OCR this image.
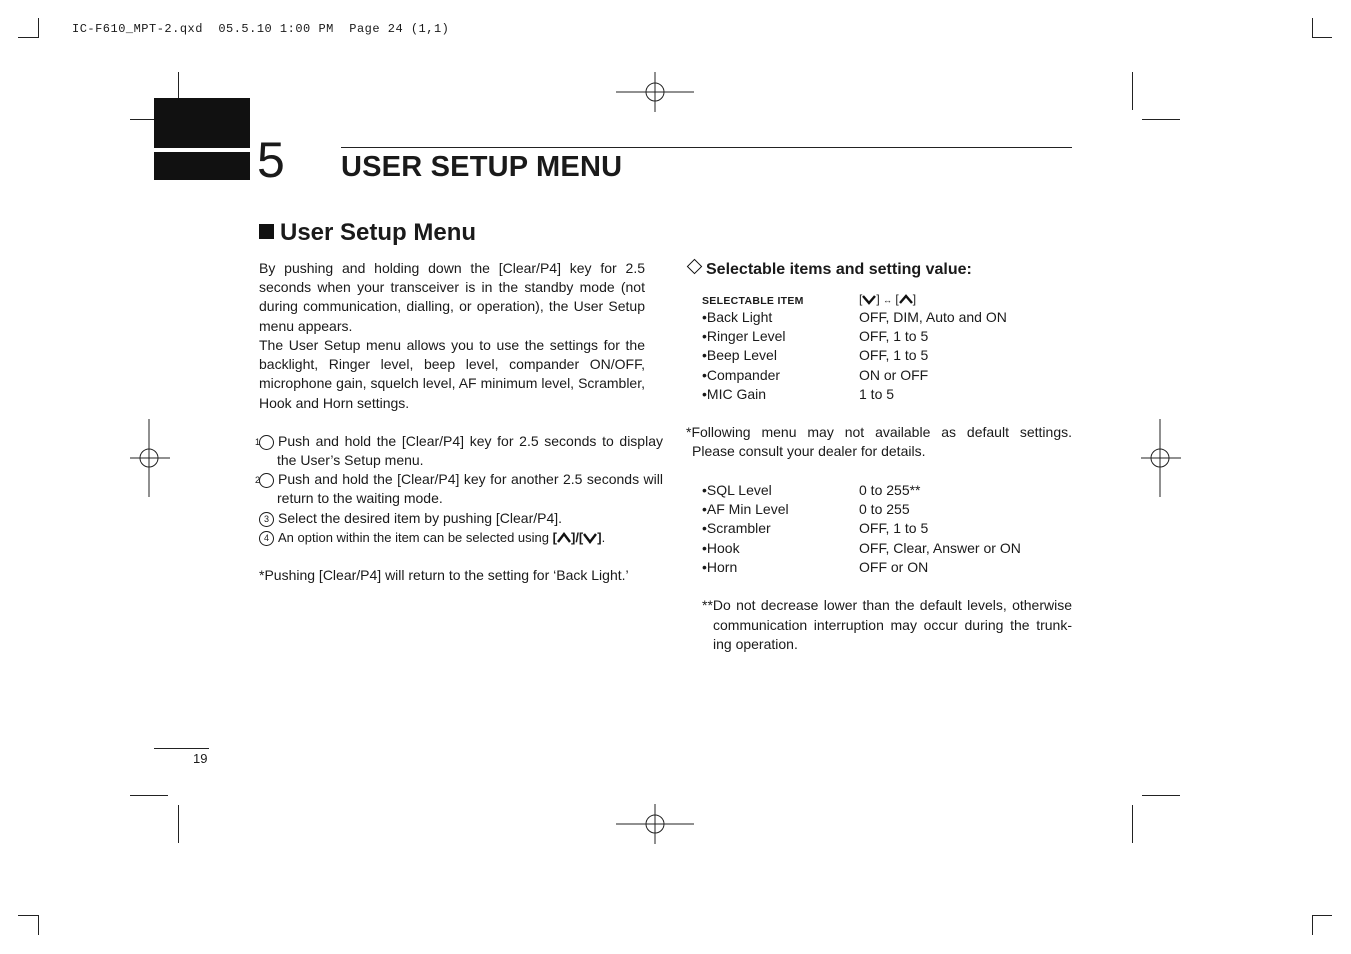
IC-F610_MPT-2.qxd  05.5.10 1:00 PM  Page 24 (1,1)
5 USER SETUP MENU
User Setup Menu
By pushing and holding down the [Clear/P4] key for 2.5 seconds when your transceiver is in the standby mode (not during communication, dialling, or operation), the User Setup menu appears.
The User Setup menu allows you to use the settings for the backlight, Ringer level, beep level, compander ON/OFF, microphone gain, squelch level, AF minimum level, Scrambler, Hook and Horn settings.
1 Push and hold the [Clear/P4] key for 2.5 seconds to display the User’s Setup menu.
2 Push and hold the [Clear/P4] key for another 2.5 seconds will return to the waiting mode.
3 Select the desired item by pushing [Clear/P4].
4 An option within the item can be selected using [ ]/[ ].
*Pushing [Clear/P4] will return to the setting for ‘Back Light.’
Selectable items and setting value:
SELECTABLE ITEM	[ ] ↔ [ ]
•Back Light	OFF, DIM, Auto and ON
•Ringer Level	OFF, 1 to 5
•Beep Level	OFF, 1 to 5
•Compander	ON or OFF
•MIC Gain	1 to 5
*Following menu may not available as default settings.
Please consult your dealer for details.
•SQL Level	0 to 255**
•AF Min Level	0 to 255
•Scrambler	OFF, 1 to 5
•Hook	OFF, Clear, Answer or ON
•Horn	OFF or ON
**Do not decrease lower than the default levels, otherwise
communication interruption may occur during the trunk-
ing operation.
19
